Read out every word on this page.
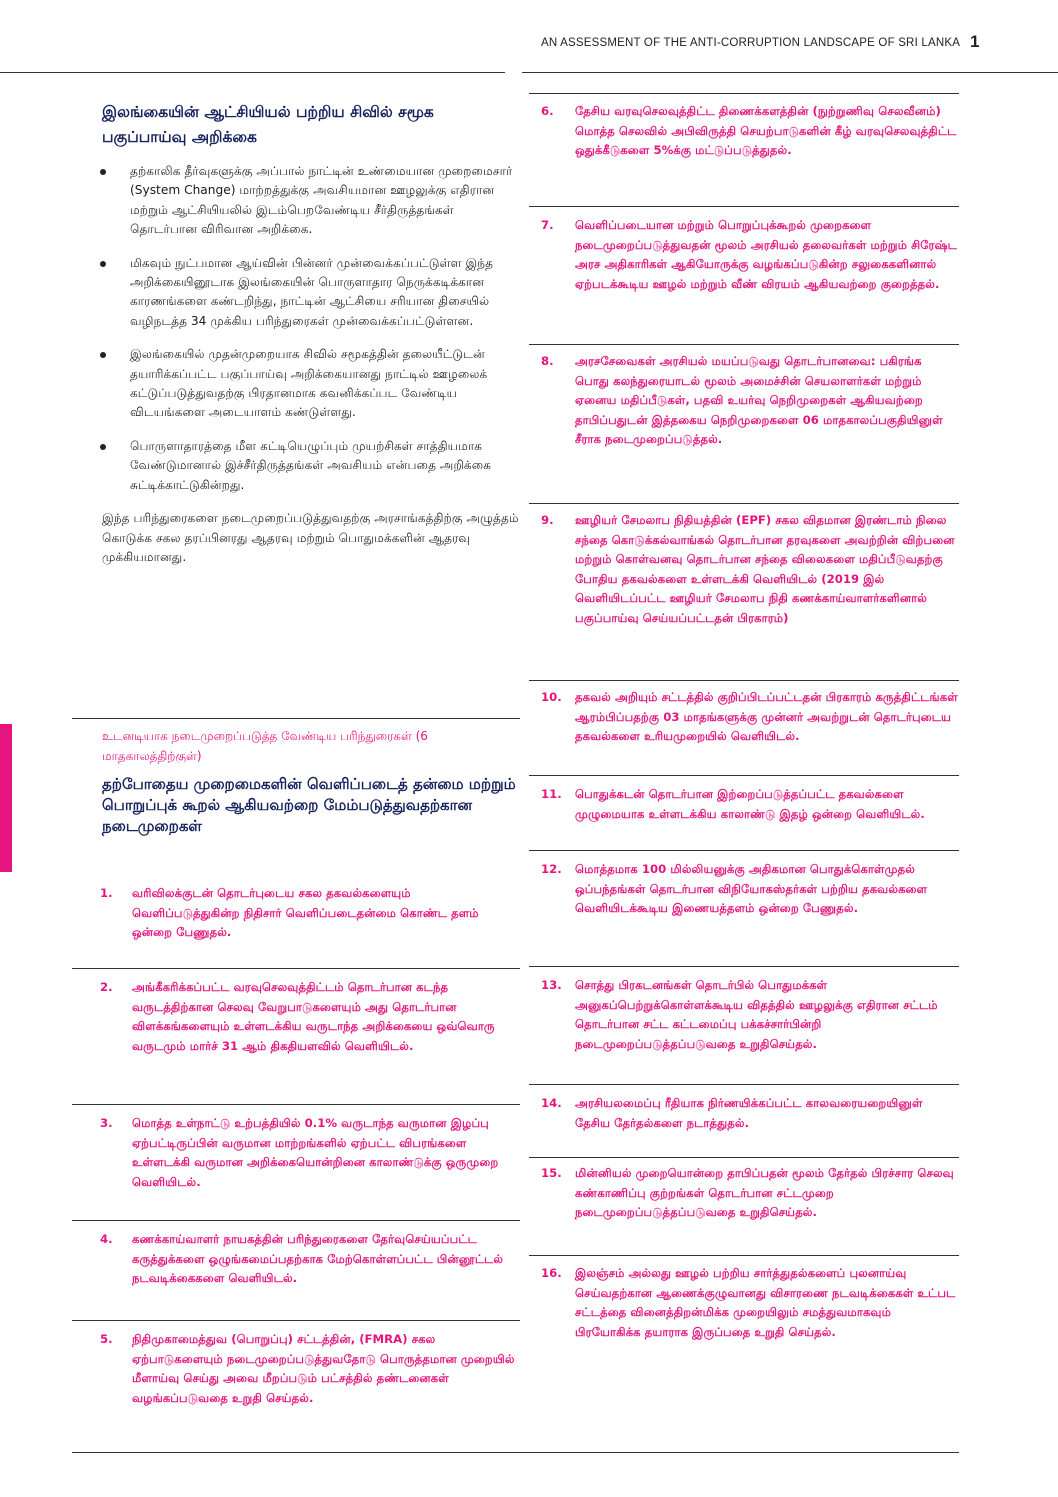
AN ASSESSMENT OF THE ANTI-CORRUPTION LANDSCAPE OF SRI LANKA 1
இலங்கையின் ஆட்சியியல் பற்றிய சிவில் சமூக பகுப்பாய்வு அறிக்கை
தற்காலிக தீர்வுகளுக்கு அப்பால் நாட்டின் உண்மையான முறைமைசார் (System Change) மாற்றத்துக்கு அவசியமான ஊழலுக்கு எதிரான மற்றும் ஆட்சியியலில் இடம்பெறவேண்டிய சீர்திருத்தங்கள் தொடர்பான விரிவான அறிக்கை.
மிகவும் நுட்பமான ஆய்வின் பின்னர் முன்வைக்கப்பட்டுள்ள இந்த அறிக்கையினூடாக இலங்கையின் பொருளாதார நெருக்கடிக்கான காரணங்களை கண்டறிந்து, நாட்டின் ஆட்சியை சரியான திசையில் வழிநடத்த 34 முக்கிய பரிந்துரைகள் முன்வைக்கப்பட்டுள்ளன.
இலங்கையில் முதன்முறையாக சிவில் சமூகத்தின் தலையீட்டுடன் தயாரிக்கப்பட்ட பகுப்பாய்வு அறிக்கையானது நாட்டில் ஊழலைக் கட்டுப்படுத்துவதற்கு பிரதானமாக கவனிக்கப்பட வேண்டிய விடயங்களை அடையாளம் கண்டுள்ளது.
பொருளாதாரத்தை மீள கட்டியெழுப்பும் முயற்சிகள் சாத்தியமாக வேண்டுமானால் இச்சீர்திருத்தங்கள் அவசியம் என்பதை அறிக்கை சுட்டிக்காட்டுகின்றது.

இந்த பரிந்துரைகளை நடைமுறைப்படுத்துவதற்கு அரசாங்கத்திற்கு அழுத்தம் கொடுக்க சகல தரப்பினரது ஆதரவு மற்றும் பொதுமக்களின் ஆதரவு முக்கியமானது.

உடனடியாக நடைமுறைப்படுத்த வேண்டிய பரிந்துரைகள் (6 மாதகாலத்திற்குள்)
தற்போதைய முறைமைகளின் வெளிப்படைத் தன்மை மற்றும் பொறுப்புக் கூறல் ஆகியவற்றை மேம்படுத்துவதற்கான நடைமுறைகள்
1.	வரிவிலக்குடன் தொடர்புடைய சகல தகவல்களையும் வெளிப்படுத்துகின்ற நிதிசார் வெளிப்படைதன்மை கொண்ட தளம் ஒன்றை பேணுதல்.
2.	அங்கீகரிக்கப்பட்ட வரவுசெலவுத்திட்டம் தொடர்பான கடந்த வருடத்திற்கான செலவு வேறுபாடுகளையும் அது தொடர்பான விளக்கங்களையும் உள்ளடக்கிய வருடாந்த அறிக்கையை ஒவ்வொரு வருடமும் மார்ச் 31 ஆம் திகதியளவில் வெளியிடல்.
3.	மொத்த உள்நாட்டு உற்பத்தியில் 0.1% வருடாந்த வருமான இழப்பு ஏற்பட்டிருப்பின் வருமான மாற்றங்களில் ஏற்பட்ட விபரங்களை உள்ளடக்கி வருமான அறிக்கையொன்றினை காலாண்டுக்கு ஒருமுறை வெளியிடல்.
4.	கணக்காய்வாளர் நாயகத்தின் பரிந்துரைகளை தேர்வுசெய்யப்பட்ட கருத்துக்களை ஒழுங்கமைப்பதற்காக மேற்கொள்ளப்பட்ட பின்னூட்டல் நடவடிக்கைகளை வெளியிடல்.
5.	நிதிமுகாமைத்துவ (பொறுப்பு) சட்டத்தின், (FMRA) சகல ஏற்பாடுகளையும் நடைமுறைப்படுத்துவதோடு பொருத்தமான முறையில் மீளாய்வு செய்து அவை மீறப்படும் பட்சத்தில் தண்டனைகள் வழங்கப்படுவதை உறுதி செய்தல்.
6.	தேசிய வரவுசெலவுத்திட்ட திணைக்களத்தின் (நுற்றுணிவு செலவீனம்) மொத்த செலவில் அபிவிருத்தி செயற்பாடுகளின் கீழ் வரவுசெலவுத்திட்ட ஒதுக்கீடுகளை 5%க்கு மட்டுப்படுத்துதல்.
7.	வெளிப்படையான மற்றும் பொறுப்புக்கூறல் முறைகளை நடைமுறைப்படுத்துவதன் மூலம் அரசியல் தலைவர்கள் மற்றும் சிரேஷ்ட அரச அதிகாரிகள் ஆகியோருக்கு வழங்கப்படுகின்ற சலுகைகளினால் ஏற்படக்கூடிய ஊழல் மற்றும் வீண் விரயம் ஆகியவற்றை குறைத்தல்.
8.	அரசசேவைகள் அரசியல் மயப்படுவது தொடர்பானவை: பகிரங்க பொது கலந்துரையாடல் மூலம் அமைச்சின் செயலாளர்கள் மற்றும் ஏனைய மதிப்பீடுகள், பதவி உயர்வு நெறிமுறைகள் ஆகியவற்றை தாபிப்பதுடன் இத்தகைய நெறிமுறைகளை 06 மாதகாலப்பகுதியினுள் சீராக நடைமுறைப்படுத்தல்.
9.	ஊழியர் சேமலாப நிதியத்தின் (EPF) சகல விதமான இரண்டாம் நிலை சந்தை கொடுக்கல்வாங்கல் தொடர்பான தரவுகளை அவற்றின் விற்பனை மற்றும் கொள்வனவு தொடர்பான சந்தை விலைகளை மதிப்பீடுவதற்கு போதிய தகவல்களை உள்ளடக்கி வெளியிடல் (2019 இல் வெளியிடப்பட்ட ஊழியர் சேமலாப நிதி கணக்காய்வாளர்களினால் பகுப்பாய்வு செய்யப்பட்டதன் பிரகாரம்)
10.	தகவல் அறியும் சட்டத்தில் குறிப்பிடப்பட்டதன் பிரகாரம் கருத்திட்டங்கள் ஆரம்பிப்பதற்கு 03 மாதங்களுக்கு முன்னர் அவற்றுடன் தொடர்புடைய தகவல்களை உரியமுறையில் வெளியிடல்.
11.	பொதுக்கடன் தொடர்பான இற்றைப்படுத்தப்பட்ட தகவல்களை முழுமையாக உள்ளடக்கிய காலாண்டு இதழ் ஒன்றை வெளியிடல்.
12.	மொத்தமாக 100 மில்லியனுக்கு அதிகமான பொதுக்கொள்முதல் ஒப்பந்தங்கள் தொடர்பான விநியோகஸ்தர்கள் பற்றிய தகவல்களை வெளியிடக்கூடிய இணையத்தளம் ஒன்றை பேணுதல்.
13.	சொத்து பிரகடனங்கள் தொடர்பில் பொதுமக்கள் அனுகப்பெற்றுக்கொள்ளக்கூடிய விதத்தில் ஊழலுக்கு எதிரான சட்டம் தொடர்பான சட்ட கட்டமைப்பு பக்கச்சார்பின்றி நடைமுறைப்படுத்தப்படுவதை உறுதிசெய்தல்.
14.	அரசியலமைப்பு ரீதியாக நிர்ணயிக்கப்பட்ட காலவரையறையினுள் தேசிய தேர்தல்களை நடாத்துதல்.
15.	மின்னியல் முறையொன்றை தாபிப்பதன் மூலம் தேர்தல் பிரச்சார செலவு கண்காணிப்பு குற்றங்கள் தொடர்பான சட்டமுறை நடைமுறைப்படுத்தப்படுவதை உறுதிசெய்தல்.
16.	இலஞ்சம் அல்லது ஊழல் பற்றிய சார்த்துதல்களைப் புலனாய்வு செய்வதற்கான ஆணைக்குழுவானது விசாரணை நடவடிக்கைகள் உட்பட சட்டத்தை வினைத்திறன்மிக்க முறையிலும் சமத்துவமாகவும் பிரயோகிக்க தயாராக இருப்பதை உறுதி செய்தல்.
